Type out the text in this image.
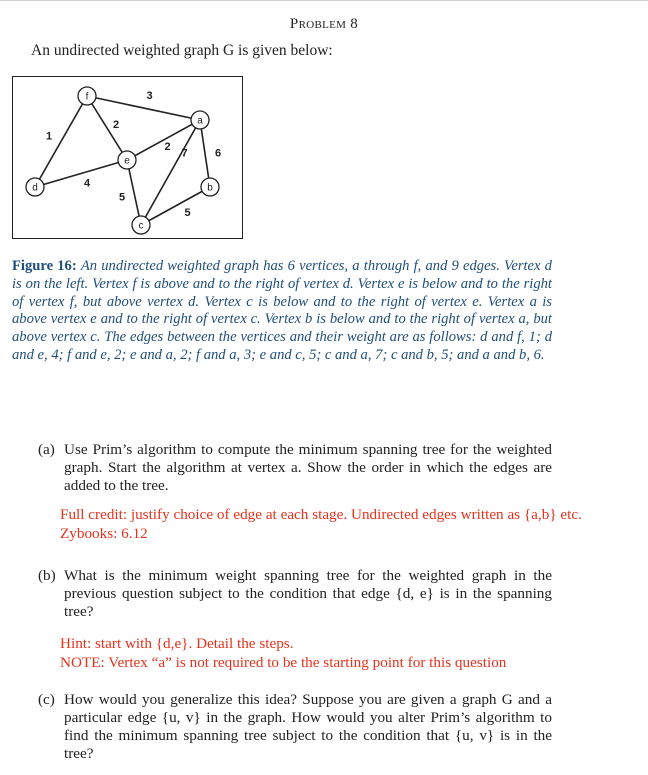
Problem 8
An undirected weighted graph G is given below:
1
4
2
5
3
7
5
6
2
f
a
e
d	b
c
Figure 16: An undirected weighted graph has 6 vertices, a through f, and 9 edges. Vertex d is on the left. Vertex f is above and to the right of vertex d. Vertex e is below and to the right of vertex f, but above vertex d. Vertex c is below and to the right of vertex e. Vertex a is above vertex e and to the right of vertex c. Vertex b is below and to the right of vertex a, but above vertex c. The edges between the vertices and their weight are as follows: d and f, 1; d and e, 4; f and e, 2; e and a, 2; f and a, 3; e and c, 5; c and a, 7; c and b, 5; and a and b, 6.
(a) Use Prim’s algorithm to compute the minimum spanning tree for the weighted graph. Start the algorithm at vertex a. Show the order in which the edges are added to the tree.
Full credit: justify choice of edge at each stage. Undirected edges written as {a,b} etc.
Zybooks: 6.12
(b) What is the minimum weight spanning tree for the weighted graph in the previous question subject to the condition that edge {d, e} is in the spanning tree?
Hint: start with {d,e}. Detail the steps.
NOTE: Vertex “a” is not required to be the starting point for this question
(c) How would you generalize this idea? Suppose you are given a graph G and a particular edge {u, v} in the graph. How would you alter Prim’s algorithm to find the minimum spanning tree subject to the condition that {u, v} is in the tree?
